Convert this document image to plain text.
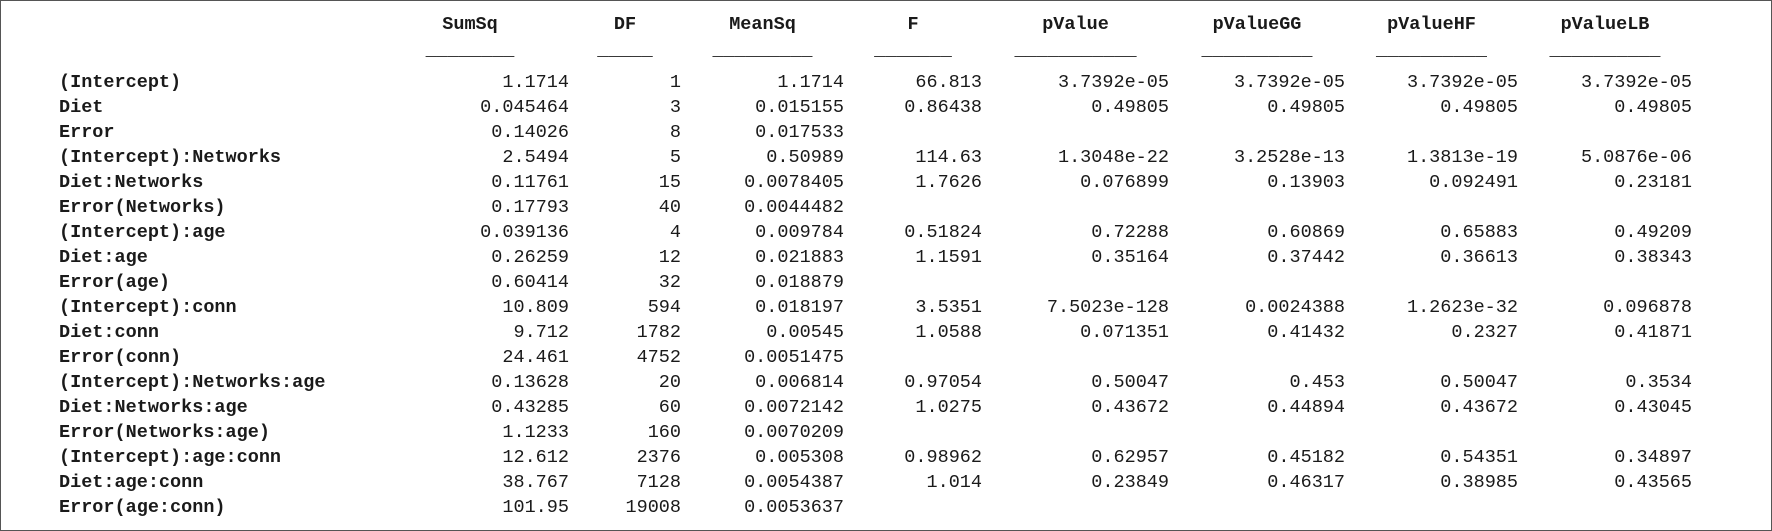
	SumSq	DF	MeanSq	F	pValue	pValueGG	pValueHF	pValueLB

	________	_____	_________	_______	___________	__________	__________	__________

(Intercept)	1.1714	1	1.1714	66.813	3.7392e-05	3.7392e-05	3.7392e-05	3.7392e-05
Diet	0.045464	3	0.015155	0.86438	0.49805	0.49805	0.49805	0.49805
Error	0.14026	8	0.017533					
(Intercept):Networks	2.5494	5	0.50989	114.63	1.3048e-22	3.2528e-13	1.3813e-19	5.0876e-06
Diet:Networks	0.11761	15	0.0078405	1.7626	0.076899	0.13903	0.092491	0.23181
Error(Networks)	0.17793	40	0.0044482					
(Intercept):age	0.039136	4	0.009784	0.51824	0.72288	0.60869	0.65883	0.49209
Diet:age	0.26259	12	0.021883	1.1591	0.35164	0.37442	0.36613	0.38343
Error(age)	0.60414	32	0.018879					
(Intercept):conn	10.809	594	0.018197	3.5351	7.5023e-128	0.0024388	1.2623e-32	0.096878
Diet:conn	9.712	1782	0.00545	1.0588	0.071351	0.41432	0.2327	0.41871
Error(conn)	24.461	4752	0.0051475					
(Intercept):Networks:age	0.13628	20	0.006814	0.97054	0.50047	0.453	0.50047	0.3534
Diet:Networks:age	0.43285	60	0.0072142	1.0275	0.43672	0.44894	0.43672	0.43045
Error(Networks:age)	1.1233	160	0.0070209					
(Intercept):age:conn	12.612	2376	0.005308	0.98962	0.62957	0.45182	0.54351	0.34897
Diet:age:conn	38.767	7128	0.0054387	1.014	0.23849	0.46317	0.38985	0.43565
Error(age:conn)	101.95	19008	0.0053637					
